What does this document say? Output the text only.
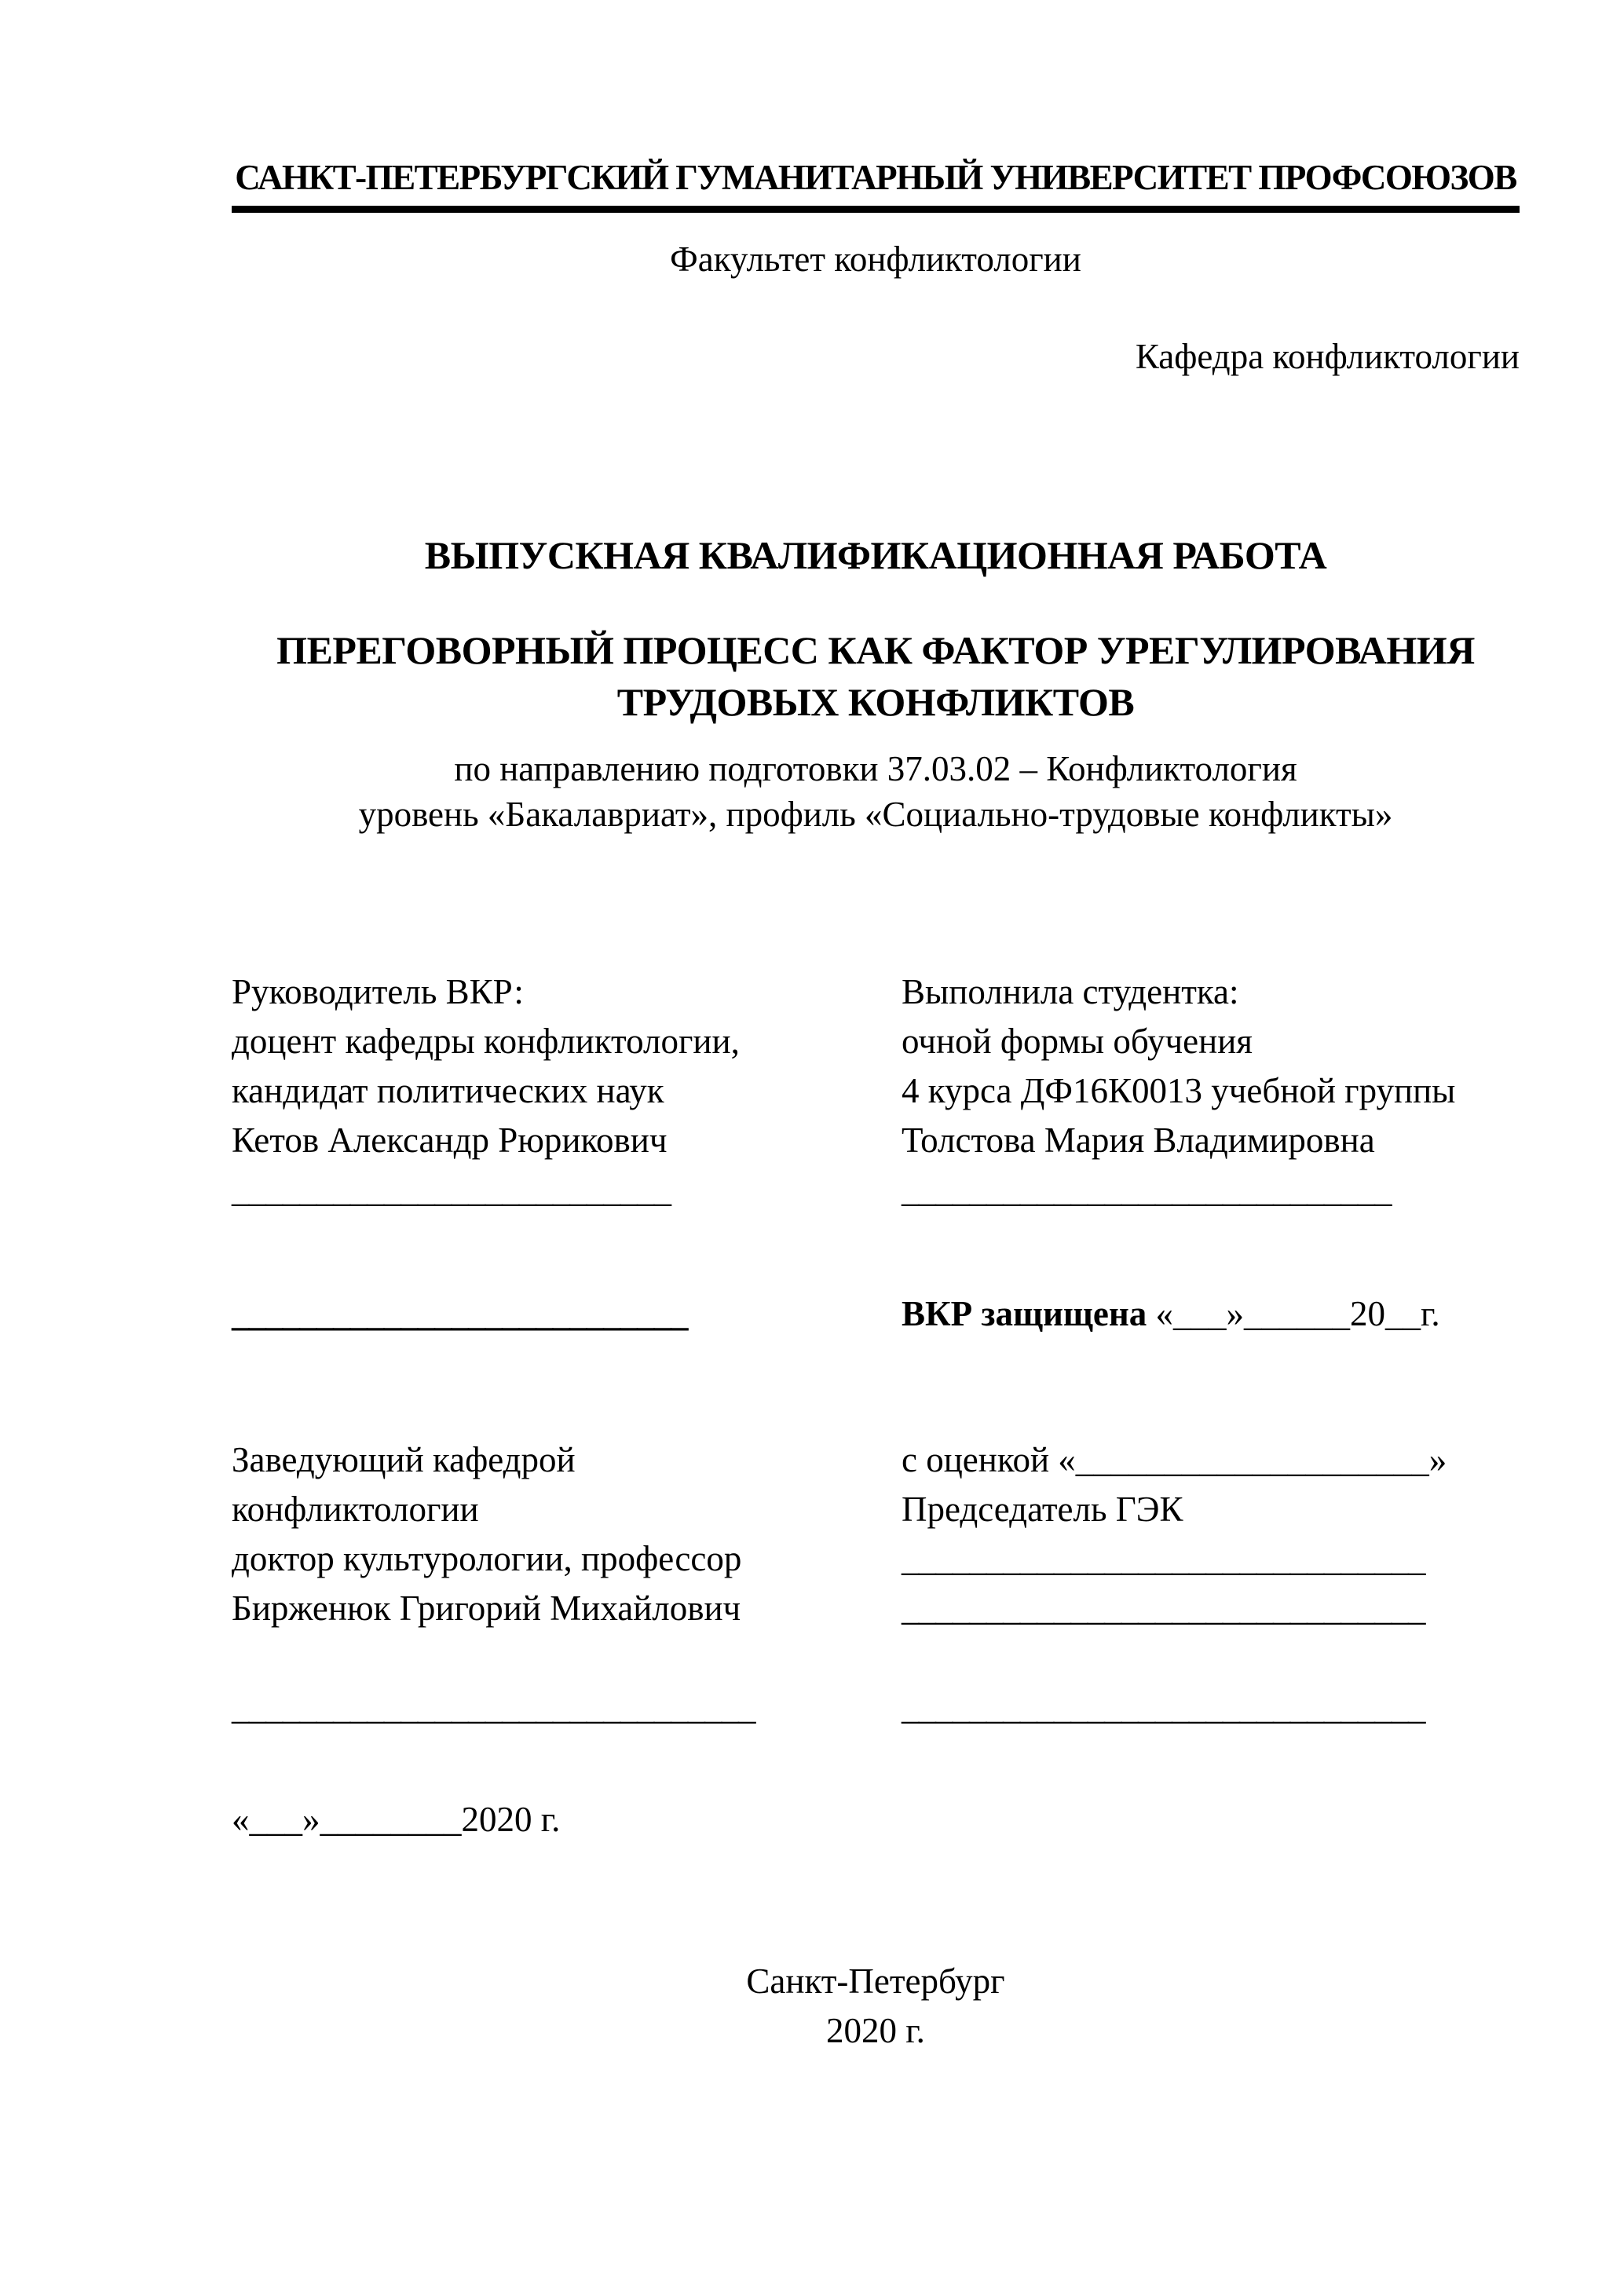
САНКТ-ПЕТЕРБУРГСКИЙ ГУМАНИТАРНЫЙ УНИВЕРСИТЕТ ПРОФСОЮЗОВ
Факультет конфликтологии
Кафедра конфликтологии
ВЫПУСКНАЯ КВАЛИФИКАЦИОННАЯ РАБОТА
ПЕРЕГОВОРНЫЙ ПРОЦЕСС КАК ФАКТОР УРЕГУЛИРОВАНИЯ
ТРУДОВЫХ КОНФЛИКТОВ
по направлению подготовки 37.03.02 – Конфликтология
уровень «Бакалавриат», профиль «Социально-трудовые конфликты»
Руководитель ВКР:
доцент кафедры конфликтологии,
кандидат политических наук
Кетов Александр Рюрикович
__________________________
Выполнила студентка:
очной формы обучения
4 курса ДФ16К0013 учебной группы
Толстова Мария Владимировна
_____________________________
___________________________	ВКР защищена «___»______20__г.
Заведующий кафедрой
конфликтологии
доктор культурологии, профессор
Бирженюк Григорий Михайлович
_______________________________
с оценкой «____________________»
Председатель ГЭК
_______________________________
_______________________________
_______________________________
«___»________2020 г.
Санкт-Петербург
2020 г.
